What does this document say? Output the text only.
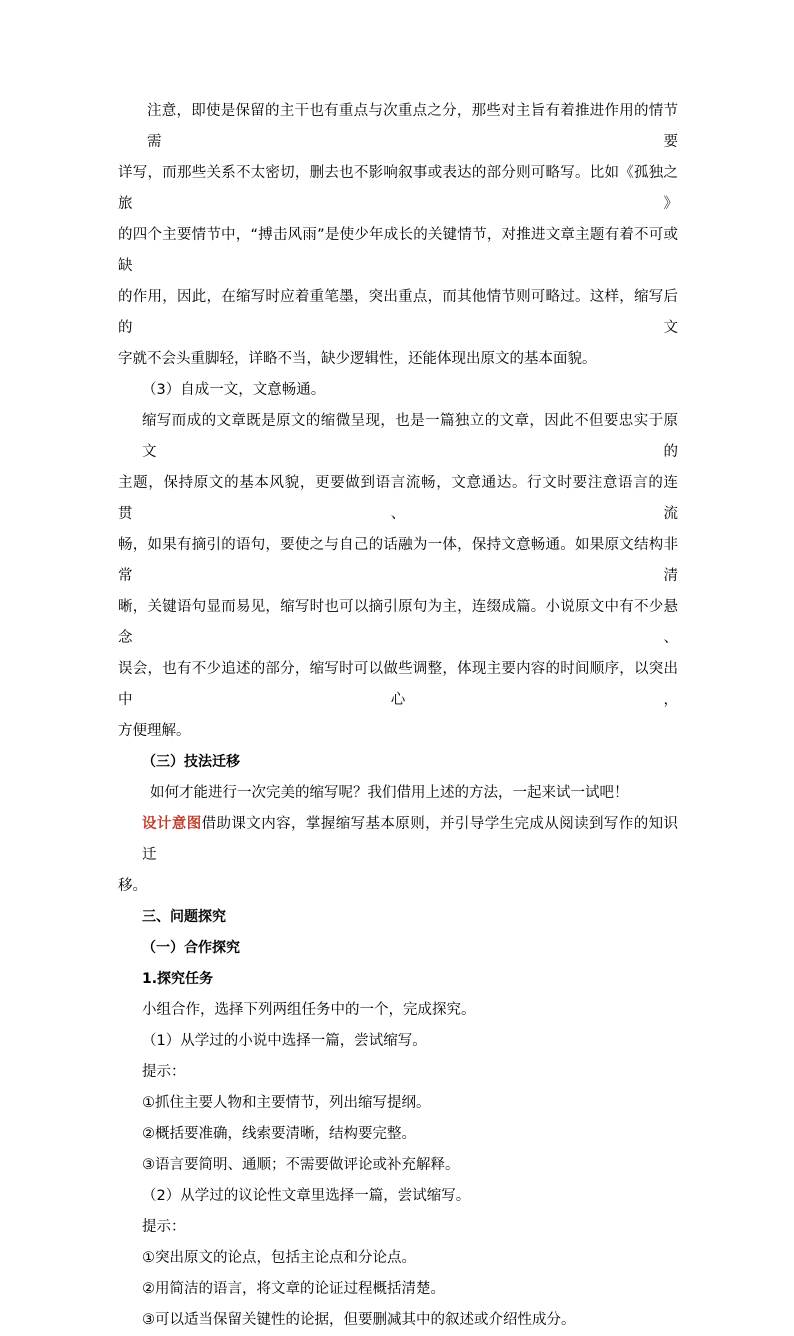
注意，即使是保留的主干也有重点与次重点之分，那些对主旨有着推进作用的情节需要

详写，而那些关系不太密切，删去也不影响叙事或表达的部分则可略写。比如《孤独之旅》

的四个主要情节中，“搏击风雨”是使少年成长的关键情节，对推进文章主题有着不可或缺

的作用，因此，在缩写时应着重笔墨，突出重点，而其他情节则可略过。这样，缩写后的文

字就不会头重脚轻，详略不当，缺少逻辑性，还能体现出原文的基本面貌。

（3）自成一文，文意畅通。

缩写而成的文章既是原文的缩微呈现，也是一篇独立的文章，因此不但要忠实于原文的

主题，保持原文的基本风貌，更要做到语言流畅，文意通达。行文时要注意语言的连贯、流

畅，如果有摘引的语句，要使之与自己的话融为一体，保持文意畅通。如果原文结构非常清

晰，关键语句显而易见，缩写时也可以摘引原句为主，连缀成篇。小说原文中有不少悬念、

误会，也有不少追述的部分，缩写时可以做些调整，体现主要内容的时间顺序，以突出中心，

方便理解。

（三）技法迁移

如何才能进行一次完美的缩写呢？我们借用上述的方法，一起来试一试吧！

设计意图借助课文内容，掌握缩写基本原则，并引导学生完成从阅读到写作的知识迁

移。

三、问题探究

（一）合作探究

1.探究任务

小组合作，选择下列两组任务中的一个，完成探究。

（1）从学过的小说中选择一篇，尝试缩写。

提示：

①抓住主要人物和主要情节，列出缩写提纲。

②概括要准确，线索要清晰，结构要完整。

③语言要简明、通顺；不需要做评论或补充解释。

（2）从学过的议论性文章里选择一篇，尝试缩写。

提示：

①突出原文的论点，包括主论点和分论点。

②用简洁的语言，将文章的论证过程概括清楚。

③可以适当保留关键性的论据，但要删减其中的叙述或介绍性成分。
